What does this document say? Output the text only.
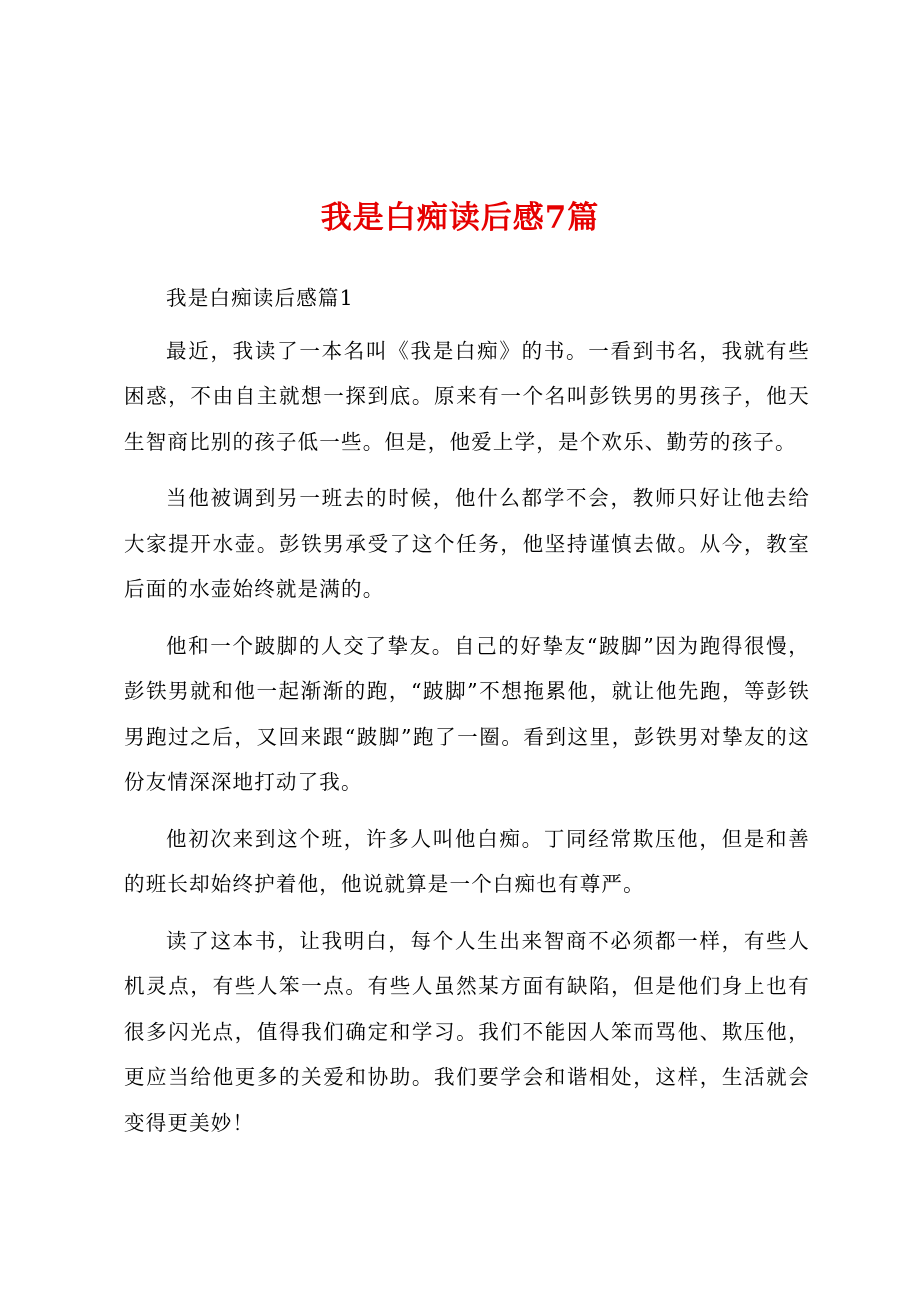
我是白痴读后感7篇

我是白痴读后感篇1

最近，我读了一本名叫《我是白痴》的书。一看到书名，我就有些困惑，不由自主就想一探到底。原来有一个名叫彭铁男的男孩子，他天生智商比别的孩子低一些。但是，他爱上学，是个欢乐、勤劳的孩子。

当他被调到另一班去的时候，他什么都学不会，教师只好让他去给大家提开水壶。彭铁男承受了这个任务，他坚持谨慎去做。从今，教室后面的水壶始终就是满的。

他和一个跛脚的人交了挚友。自己的好挚友“跛脚”因为跑得很慢，彭铁男就和他一起渐渐的跑，“跛脚”不想拖累他，就让他先跑，等彭铁男跑过之后，又回来跟“跛脚”跑了一圈。看到这里，彭铁男对挚友的这份友情深深地打动了我。

他初次来到这个班，许多人叫他白痴。丁同经常欺压他，但是和善的班长却始终护着他，他说就算是一个白痴也有尊严。

读了这本书，让我明白，每个人生出来智商不必须都一样，有些人机灵点，有些人笨一点。有些人虽然某方面有缺陷，但是他们身上也有很多闪光点，值得我们确定和学习。我们不能因人笨而骂他、欺压他，更应当给他更多的关爱和协助。我们要学会和谐相处，这样，生活就会变得更美妙！
